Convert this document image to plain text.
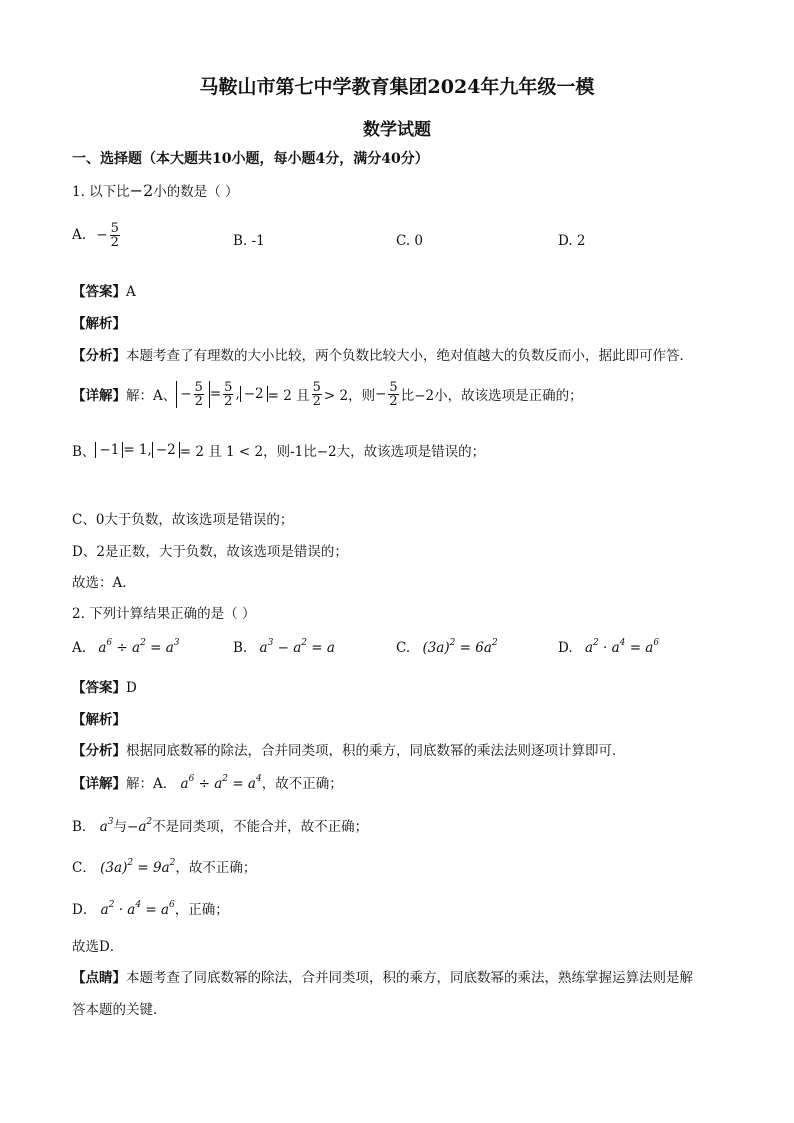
马鞍山市第七中学教育集团2024年九年级一模
数学试题
一、选择题（本大题共10小题，每小题4分，满分40分）
1. 以下比−2小的数是（ ）
A. − $\frac{5}{2}$	B. -1	C. 0	D. 2
【答案】A
【解析】
【分析】本题考查了有理数的大小比较，两个负数比较大小，绝对值越大的负数反而小，据此即可作答．
【详解】 解：A、 − $\frac{5}{2} = \frac{5}{2}$ , −2 = 2 且 $\frac{5}{2} > 2$，则 − $\frac{5}{2}$ 比−2小，故该选项是正确的；
B、 −1 = 1, −2 = 2 且 1 < 2，则-1比−2大，故该选项是错误的；
C、0大于负数，故该选项是错误的；
D、2是正数，大于负数，故该选项是错误的；
故选：A．
2. 下列计算结果正确的是（ ）
A. $a^6 \div a^2 = a^3$	B. $a^3 - a^2 = a$	C. $(3a)^2 = 6a^2$	D. $a^2 \cdot a^4 = a^6$
【答案】D
【解析】
【分析】根据同底数幂的除法，合并同类项，积的乘方，同底数幂的乘法法则逐项计算即可．
【详解】解：A． $a^6 \div a^2 = a^4$，故不正确；
B． $a^3$与$-a^2$不是同类项，不能合并，故不正确；
C． $(3a)^2 = 9a^2$，故不正确；
D． $a^2 \cdot a^4 = a^6$，正确；
故选D．
【点睛】本题考查了同底数幂的除法，合并同类项，积的乘方，同底数幂的乘法，熟练掌握运算法则是解
答本题的关键．
